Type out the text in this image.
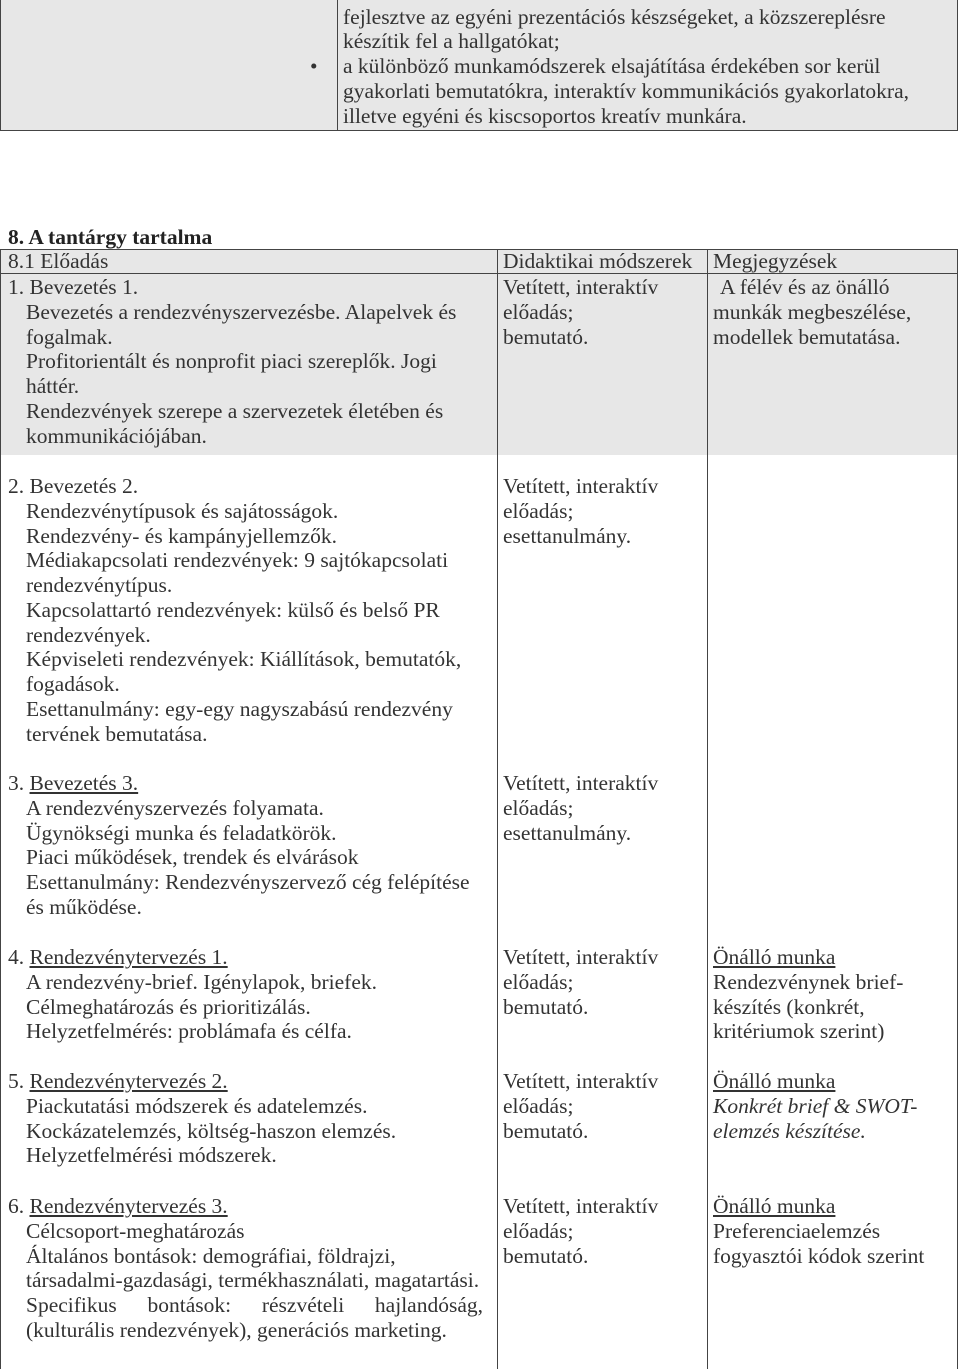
fejlesztve az egyéni prezentációs készségeket, a közszereplésre
készítik fel a hallgatókat;
a különböző munkamódszerek elsajátítása érdekében sor kerül
gyakorlati bemutatókra, interaktív kommunikációs gyakorlatokra,
illetve egyéni és kiscsoportos kreatív munkára.
•
8. A tantárgy tartalma
8.1 Előadás	Didaktikai módszerek Megjegyzések
1. Bevezetés 1.
Bevezetés a rendezvényszervezésbe. Alapelvek és
fogalmak.
Profitorientált és nonprofit piaci szereplők. Jogi
háttér.
Rendezvények szerepe a szervezetek életében és
kommunikációjában.
Vetített, interaktív
előadás;
bemutató.
A félév és az önálló
munkák megbeszélése,
modellek bemutatása.
2. Bevezetés 2.
Rendezvénytípusok és sajátosságok.
Rendezvény- és kampányjellemzők.
Médiakapcsolati rendezvények: 9 sajtókapcsolati
rendezvénytípus.
Kapcsolattartó rendezvények: külső és belső PR
rendezvények.
Képviseleti rendezvények: Kiállítások, bemutatók,
fogadások.
Esettanulmány: egy-egy nagyszabású rendezvény
tervének bemutatása.
Vetített, interaktív
előadás;
esettanulmány.
3. Bevezetés 3.
A rendezvényszervezés folyamata.
Ügynökségi munka és feladatkörök.
Piaci működések, trendek és elvárások
Esettanulmány: Rendezvényszervező cég felépítése
és működése.
Vetített, interaktív
előadás;
esettanulmány.
4. Rendezvénytervezés 1.
A rendezvény-brief. Igénylapok, briefek.
Célmeghatározás és prioritizálás.
Helyzetfelmérés: problámafa és célfa.
Vetített, interaktív
előadás;
bemutató.
Önálló munka
Rendezvénynek brief-
készítés (konkrét,
kritériumok szerint)
5. Rendezvénytervezés 2.
Piackutatási módszerek és adatelemzés.
Kockázatelemzés, költség-haszon elemzés.
Helyzetfelmérési módszerek.
Vetített, interaktív
előadás;
bemutató.
Önálló munka
Konkrét brief & SWOT-
elemzés készítése.
6. Rendezvénytervezés 3.
Célcsoport-meghatározás
Általános bontások: demográfiai, földrajzi,
társadalmi-gazdasági, termékhasználati, magatartási.
Specifikus bontások: részvételi hajlandóság,
(kulturális rendezvények), generációs marketing.
Vetített, interaktív
előadás;
bemutató.
Önálló munka
Preferenciaelemzés
fogyasztói kódok szerint
